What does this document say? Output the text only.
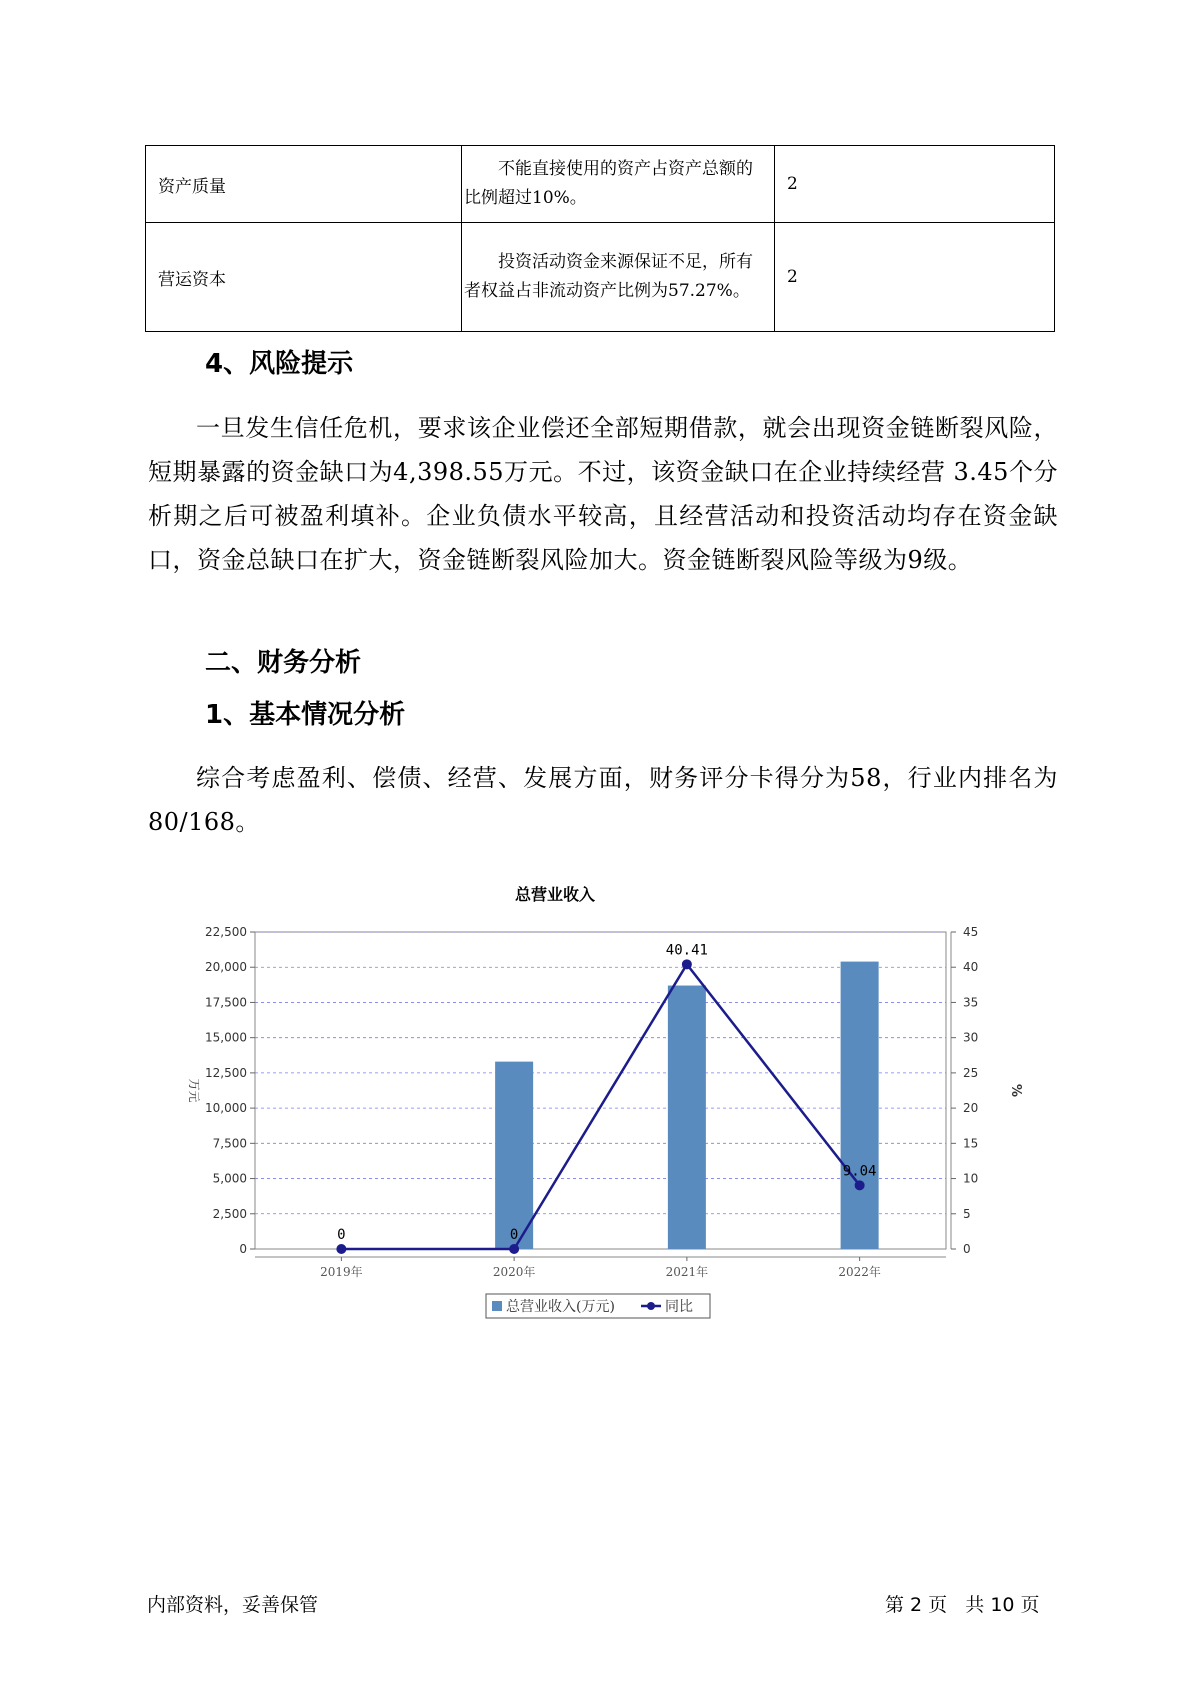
资产质量	不能直接使用的资产占资产总额的比例超过10%。	2
营运资本	投资活动资金来源保证不足，所有者权益占非流动资产比例为57.27%。	2
4、风险提示

一旦发生信任危机，要求该企业偿还全部短期借款，就会出现资金链断裂风险，短期暴露的资金缺口为4,398.55万元。不过，该资金缺口在企业持续经营 3.45个分析期之后可被盈利填补。企业负债水平较高，且经营活动和投资活动均存在资金缺口，资金总缺口在扩大，资金链断裂风险加大。资金链断裂风险等级为9级。

二、财务分析
1、基本情况分析

综合考虑盈利、偿债、经营、发展方面，财务评分卡得分为58，行业内排名为80/168。

总营业收入
0
2,500
5,000
7,500
10,000
12,500
15,000
17,500
20,000
22,500
0
5
10
15
20
25
30
35
40
45
万元	%
2019年	2020年	2021年	2022年
0	0
40.41
9.04
总营业收入(万元)	同比
内部资料，妥善保管	第 2 页   共 10 页
